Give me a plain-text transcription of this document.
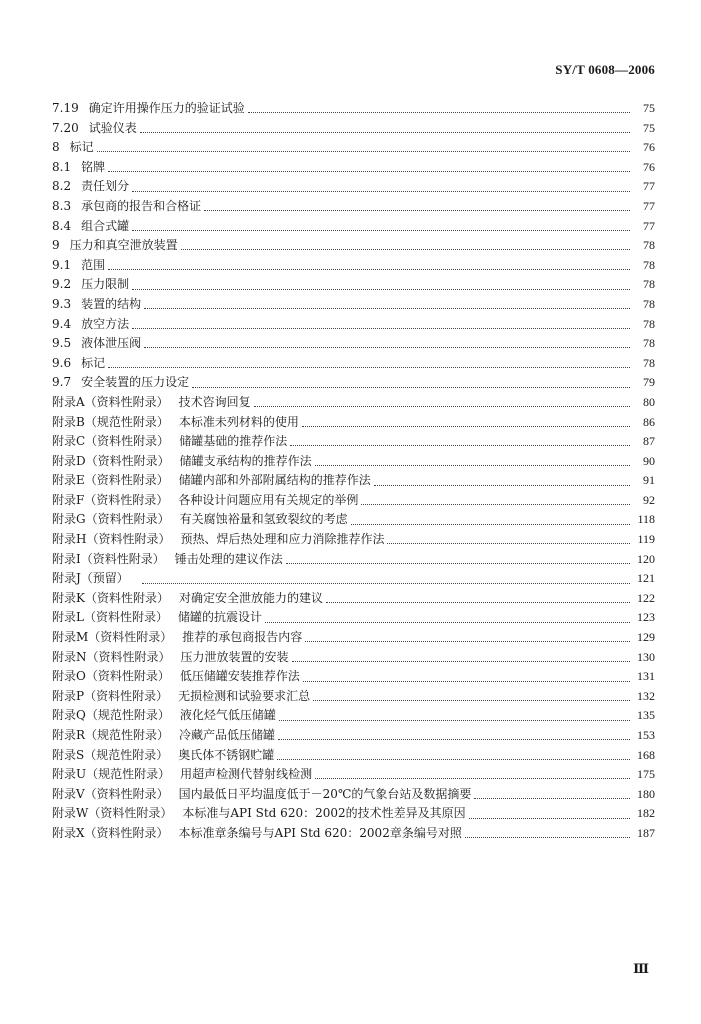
SY/T 0608—2006
7.19 确定许用操作压力的验证试验	75
7.20 试验仪表	75
8 标记	76
8.1 铭牌	76
8.2 责任划分	77
8.3 承包商的报告和合格证	77
8.4 组合式罐	77
9 压力和真空泄放装置	78
9.1 范围	78
9.2 压力限制	78
9.3 装置的结构	78
9.4 放空方法	78
9.5 液体泄压阀	78
9.6 标记	78
9.7 安全装置的压力设定	79
附录A（资料性附录） 技术咨询回复	80
附录B（规范性附录） 本标准未列材料的使用	86
附录C（资料性附录） 储罐基础的推荐作法	87
附录D（资料性附录） 储罐支承结构的推荐作法	90
附录E（资料性附录） 储罐内部和外部附属结构的推荐作法	91
附录F（资料性附录） 各种设计问题应用有关规定的举例	92
附录G（资料性附录） 有关腐蚀裕量和氢致裂纹的考虑	118
附录H（资料性附录） 预热、焊后热处理和应力消除推荐作法	119
附录I（资料性附录） 锤击处理的建议作法	120
附录J（预留）	121
附录K（资料性附录） 对确定安全泄放能力的建议	122
附录L（资料性附录） 储罐的抗震设计	123
附录M（资料性附录） 推荐的承包商报告内容	129
附录N（资料性附录） 压力泄放装置的安装	130
附录O（资料性附录） 低压储罐安装推荐作法	131
附录P（资料性附录） 无损检测和试验要求汇总	132
附录Q（规范性附录） 液化烃气低压储罐	135
附录R（规范性附录） 冷藏产品低压储罐	153
附录S（规范性附录） 奥氏体不锈钢贮罐	168
附录U（规范性附录） 用超声检测代替射线检测	175
附录V（资料性附录） 国内最低日平均温度低于－20℃的气象台站及数据摘要	180
附录W（资料性附录） 本标准与API Std 620：2002的技术性差异及其原因	182
附录X（资料性附录） 本标准章条编号与API Std 620：2002章条编号对照	187
Ⅲ
